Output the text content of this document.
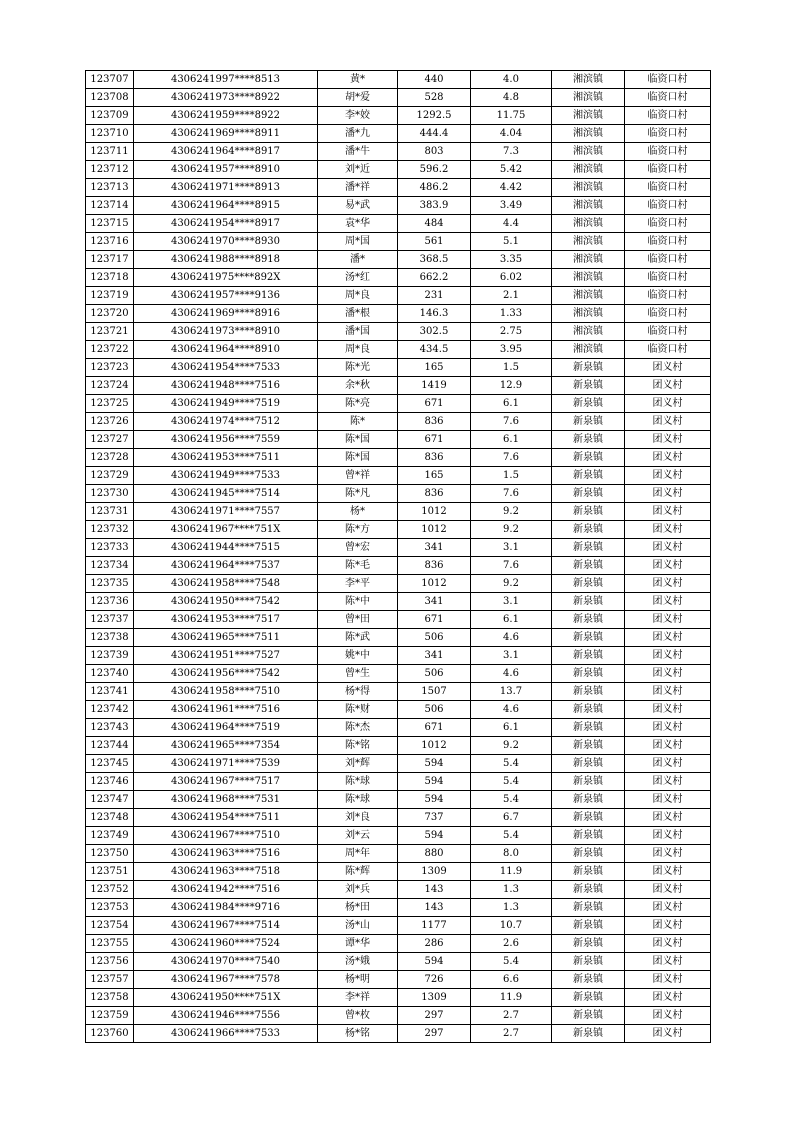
123707	4306241997****8513	黄*	440	4.0	湘滨镇	临资口村
123708	4306241973****8922	胡*爱	528	4.8	湘滨镇	临资口村
123709	4306241959****8922	李*姣	1292.5	11.75	湘滨镇	临资口村
123710	4306241969****8911	潘*九	444.4	4.04	湘滨镇	临资口村
123711	4306241964****8917	潘*牛	803	7.3	湘滨镇	临资口村
123712	4306241957****8910	刘*近	596.2	5.42	湘滨镇	临资口村
123713	4306241971****8913	潘*祥	486.2	4.42	湘滨镇	临资口村
123714	4306241964****8915	易*武	383.9	3.49	湘滨镇	临资口村
123715	4306241954****8917	袁*华	484	4.4	湘滨镇	临资口村
123716	4306241970****8930	周*国	561	5.1	湘滨镇	临资口村
123717	4306241988****8918	潘*	368.5	3.35	湘滨镇	临资口村
123718	4306241975****892X	汤*红	662.2	6.02	湘滨镇	临资口村
123719	4306241957****9136	周*良	231	2.1	湘滨镇	临资口村
123720	4306241969****8916	潘*根	146.3	1.33	湘滨镇	临资口村
123721	4306241973****8910	潘*国	302.5	2.75	湘滨镇	临资口村
123722	4306241964****8910	周*良	434.5	3.95	湘滨镇	临资口村
123723	4306241954****7533	陈*光	165	1.5	新泉镇	团义村
123724	4306241948****7516	余*秋	1419	12.9	新泉镇	团义村
123725	4306241949****7519	陈*亮	671	6.1	新泉镇	团义村
123726	4306241974****7512	陈*	836	7.6	新泉镇	团义村
123727	4306241956****7559	陈*国	671	6.1	新泉镇	团义村
123728	4306241953****7511	陈*国	836	7.6	新泉镇	团义村
123729	4306241949****7533	曾*祥	165	1.5	新泉镇	团义村
123730	4306241945****7514	陈*凡	836	7.6	新泉镇	团义村
123731	4306241971****7557	杨*	1012	9.2	新泉镇	团义村
123732	4306241967****751X	陈*方	1012	9.2	新泉镇	团义村
123733	4306241944****7515	曾*宏	341	3.1	新泉镇	团义村
123734	4306241964****7537	陈*毛	836	7.6	新泉镇	团义村
123735	4306241958****7548	李*平	1012	9.2	新泉镇	团义村
123736	4306241950****7542	陈*中	341	3.1	新泉镇	团义村
123737	4306241953****7517	曾*田	671	6.1	新泉镇	团义村
123738	4306241965****7511	陈*武	506	4.6	新泉镇	团义村
123739	4306241951****7527	姚*中	341	3.1	新泉镇	团义村
123740	4306241956****7542	曾*生	506	4.6	新泉镇	团义村
123741	4306241958****7510	杨*得	1507	13.7	新泉镇	团义村
123742	4306241961****7516	陈*财	506	4.6	新泉镇	团义村
123743	4306241964****7519	陈*杰	671	6.1	新泉镇	团义村
123744	4306241965****7354	陈*铭	1012	9.2	新泉镇	团义村
123745	4306241971****7539	刘*辉	594	5.4	新泉镇	团义村
123746	4306241967****7517	陈*球	594	5.4	新泉镇	团义村
123747	4306241968****7531	陈*球	594	5.4	新泉镇	团义村
123748	4306241954****7511	刘*良	737	6.7	新泉镇	团义村
123749	4306241967****7510	刘*云	594	5.4	新泉镇	团义村
123750	4306241963****7516	周*年	880	8.0	新泉镇	团义村
123751	4306241963****7518	陈*辉	1309	11.9	新泉镇	团义村
123752	4306241942****7516	刘*兵	143	1.3	新泉镇	团义村
123753	4306241984****9716	杨*田	143	1.3	新泉镇	团义村
123754	4306241967****7514	汤*山	1177	10.7	新泉镇	团义村
123755	4306241960****7524	谭*华	286	2.6	新泉镇	团义村
123756	4306241970****7540	汤*娥	594	5.4	新泉镇	团义村
123757	4306241967****7578	杨*明	726	6.6	新泉镇	团义村
123758	4306241950****751X	李*祥	1309	11.9	新泉镇	团义村
123759	4306241946****7556	曾*枚	297	2.7	新泉镇	团义村
123760	4306241966****7533	杨*铭	297	2.7	新泉镇	团义村
